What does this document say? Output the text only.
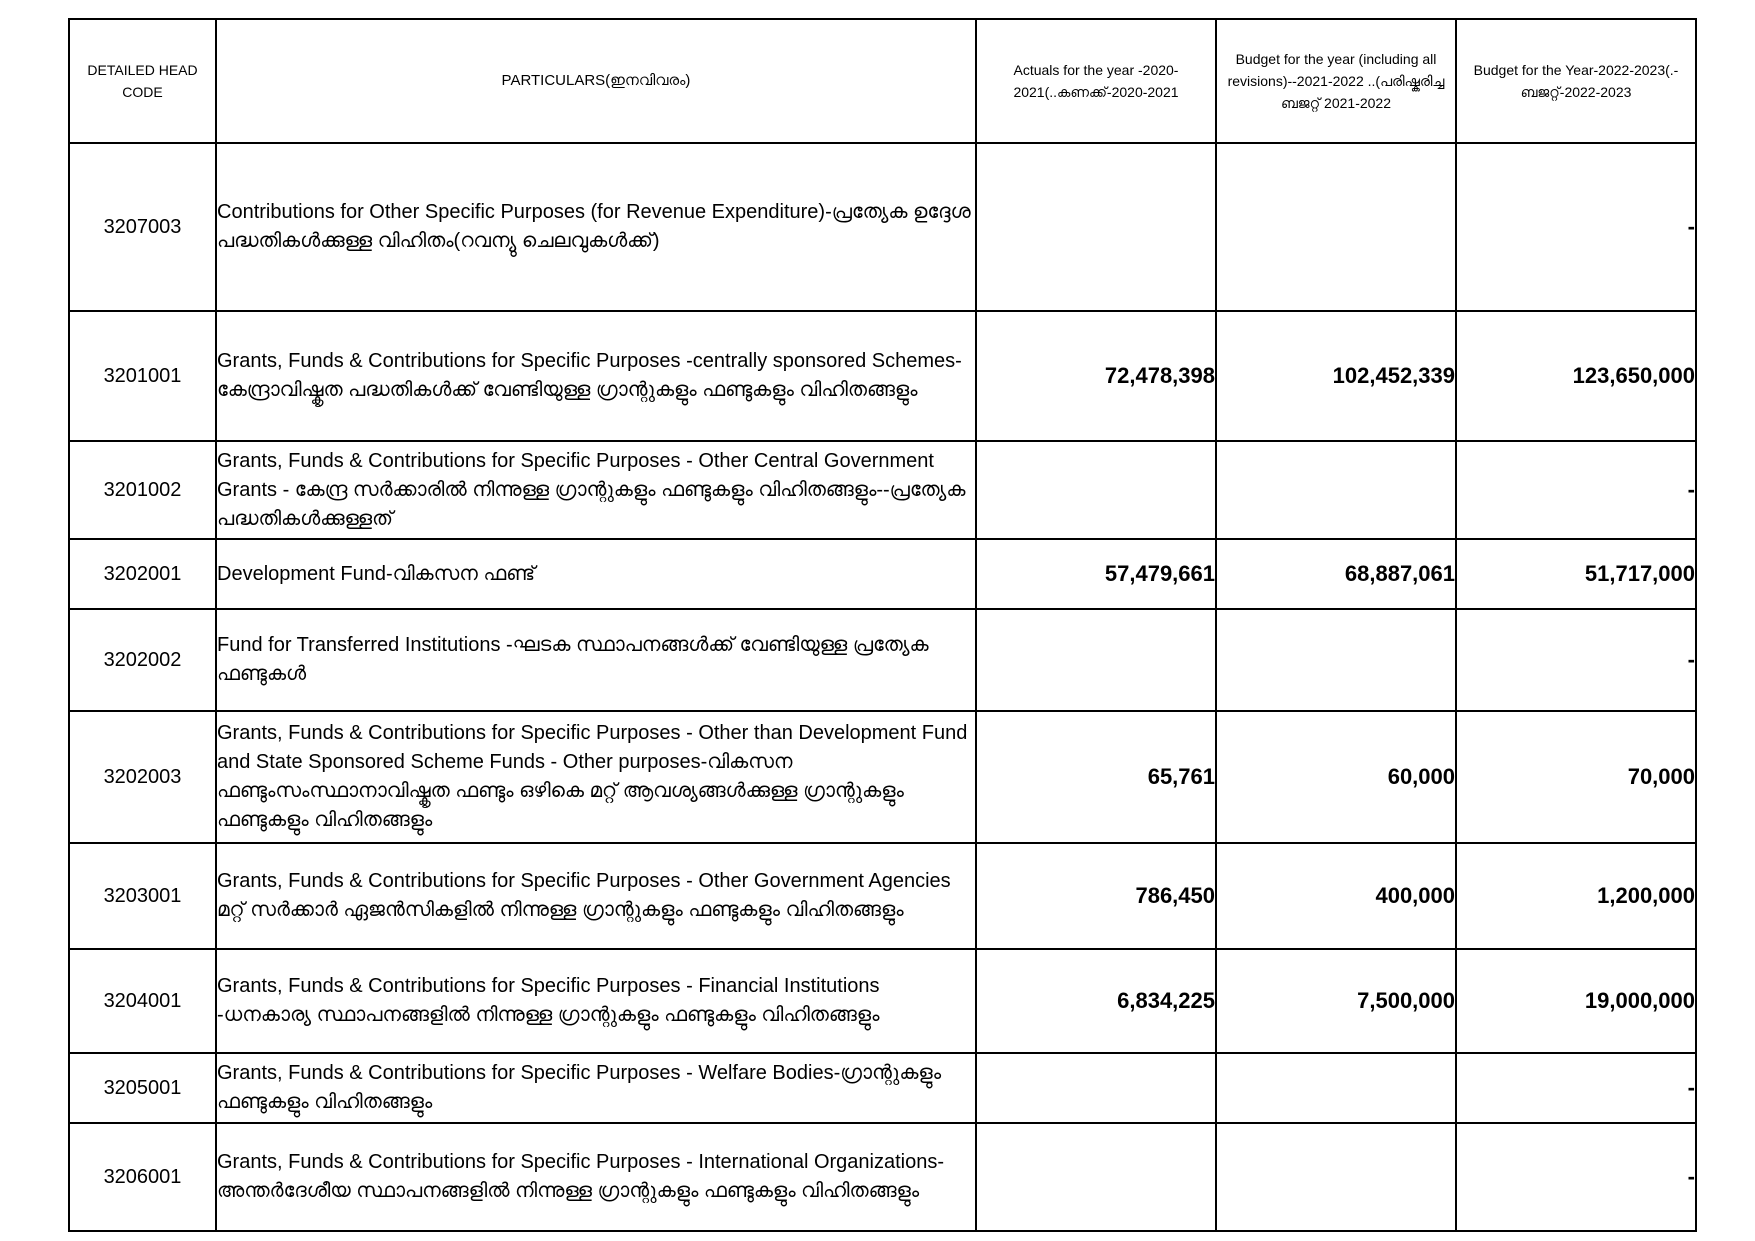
DETAILED HEAD CODE	PARTICULARS(ഇനവിവരം)	Actuals for the year -2020-2021(..കണക്ക്-2020-2021	Budget for the year (including all revisions)--2021-2022 ..(പരിഷ്കരിച്ച ബജറ്റ് 2021-2022	Budget for the Year-2022-2023(.-ബജറ്റ്-2022-2023
3207003	Contributions for Other Specific Purposes (for Revenue Expenditure)-പ്രത്യേക ഉദ്ദേശ പദ്ധതികൾക്കുള്ള വിഹിതം(റവന്യു ചെലവുകൾക്ക്)			-
3201001	Grants, Funds & Contributions for Specific Purposes -centrally sponsored Schemes-കേന്ദ്രാവിഷ്കൃത പദ്ധതികൾക്ക് വേണ്ടിയുള്ള ഗ്രാന്റുകളും ഫണ്ടുകളും വിഹിതങ്ങളും	72,478,398	102,452,339	123,650,000
3201002	Grants, Funds & Contributions for Specific Purposes - Other Central Government Grants - കേന്ദ്ര സർക്കാരിൽ നിന്നുള്ള ഗ്രാന്റുകളും ഫണ്ടുകളും വിഹിതങ്ങളും--പ്രത്യേക പദ്ധതികൾക്കുള്ളത്			-
3202001	Development Fund-വികസന ഫണ്ട്	57,479,661	68,887,061	51,717,000
3202002	Fund for Transferred Institutions -ഘടക സ്ഥാപനങ്ങൾക്ക് വേണ്ടിയുള്ള പ്രത്യേക ഫണ്ടുകൾ			-
3202003	Grants, Funds & Contributions for Specific Purposes - Other than Development Fund and State Sponsored Scheme Funds - Other purposes-വികസന ഫണ്ടുംസംസ്ഥാനാവിഷ്കൃത ഫണ്ടും ഒഴികെ മറ്റ് ആവശ്യങ്ങൾക്കുള്ള ഗ്രാന്റുകളും ഫണ്ടുകളും വിഹിതങ്ങളും	65,761	60,000	70,000
3203001	Grants, Funds & Contributions for Specific Purposes - Other Government Agencies മറ്റ് സർക്കാർ ഏജൻസികളിൽ നിന്നുള്ള ഗ്രാന്റുകളും ഫണ്ടുകളും വിഹിതങ്ങളും	786,450	400,000	1,200,000
3204001	Grants, Funds & Contributions for Specific Purposes - Financial Institutions -ധനകാര്യ സ്ഥാപനങ്ങളിൽ നിന്നുള്ള ഗ്രാന്റുകളും ഫണ്ടുകളും വിഹിതങ്ങളും	6,834,225	7,500,000	19,000,000
3205001	Grants, Funds & Contributions for Specific Purposes - Welfare Bodies-ഗ്രാന്റുകളും ഫണ്ടുകളും വിഹിതങ്ങളും			-
3206001	Grants, Funds & Contributions for Specific Purposes - International Organizations-അന്തർദേശീയ സ്ഥാപനങ്ങളിൽ നിന്നുള്ള ഗ്രാന്റുകളും ഫണ്ടുകളും വിഹിതങ്ങളും			-
